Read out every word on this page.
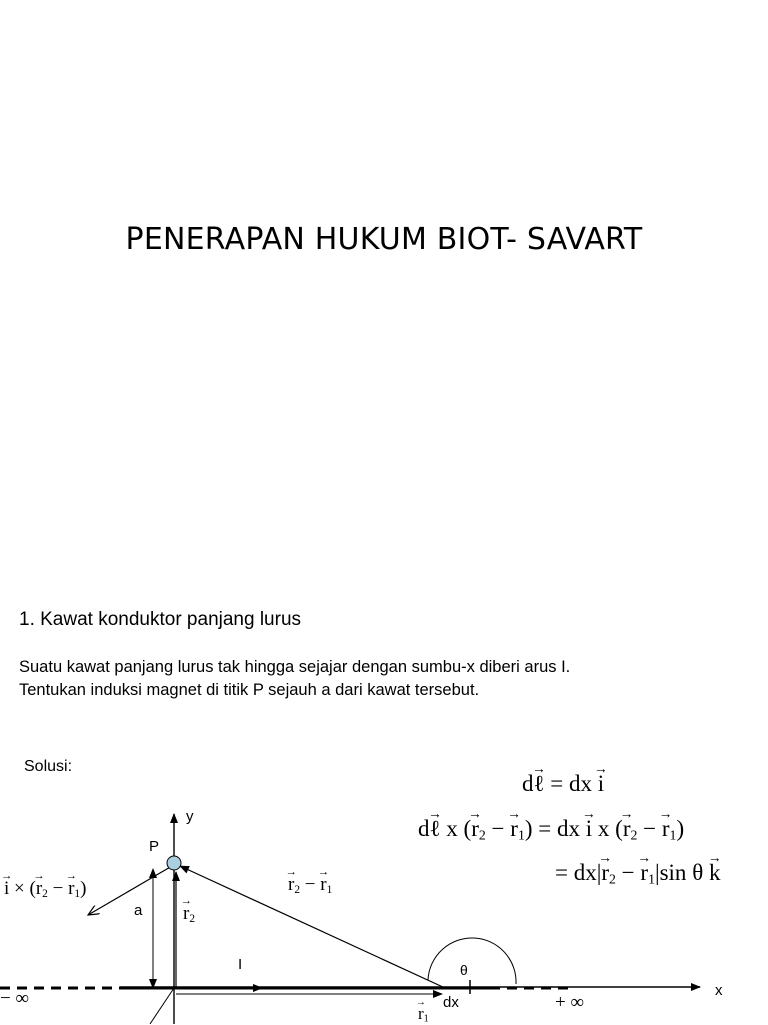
PENERAPAN HUKUM BIOT- SAVART
1. Kawat konduktor panjang lurus
Suatu kawat panjang lurus tak hingga sejajar dengan sumbu-x diberi arus I.
Tentukan induksi magnet di titik P sejauh a dari kawat tersebut.
Solusi:
d→ ℓ = dx → i
d→ ℓ x (→ $r_2$ − → $r_1$) = dx → i x (→ $r_2$ − → $r_1$)
= $dx|\to r_2$ − → $r_1|\sin$ θ → k
y
x
P
a
I	θ
dx
− ∞	+ ∞
→ $r_2$
→ $r_2$ − → $r_1$
→ i × (→ $r_2$ − → $r_1$)
→ $r_1$
